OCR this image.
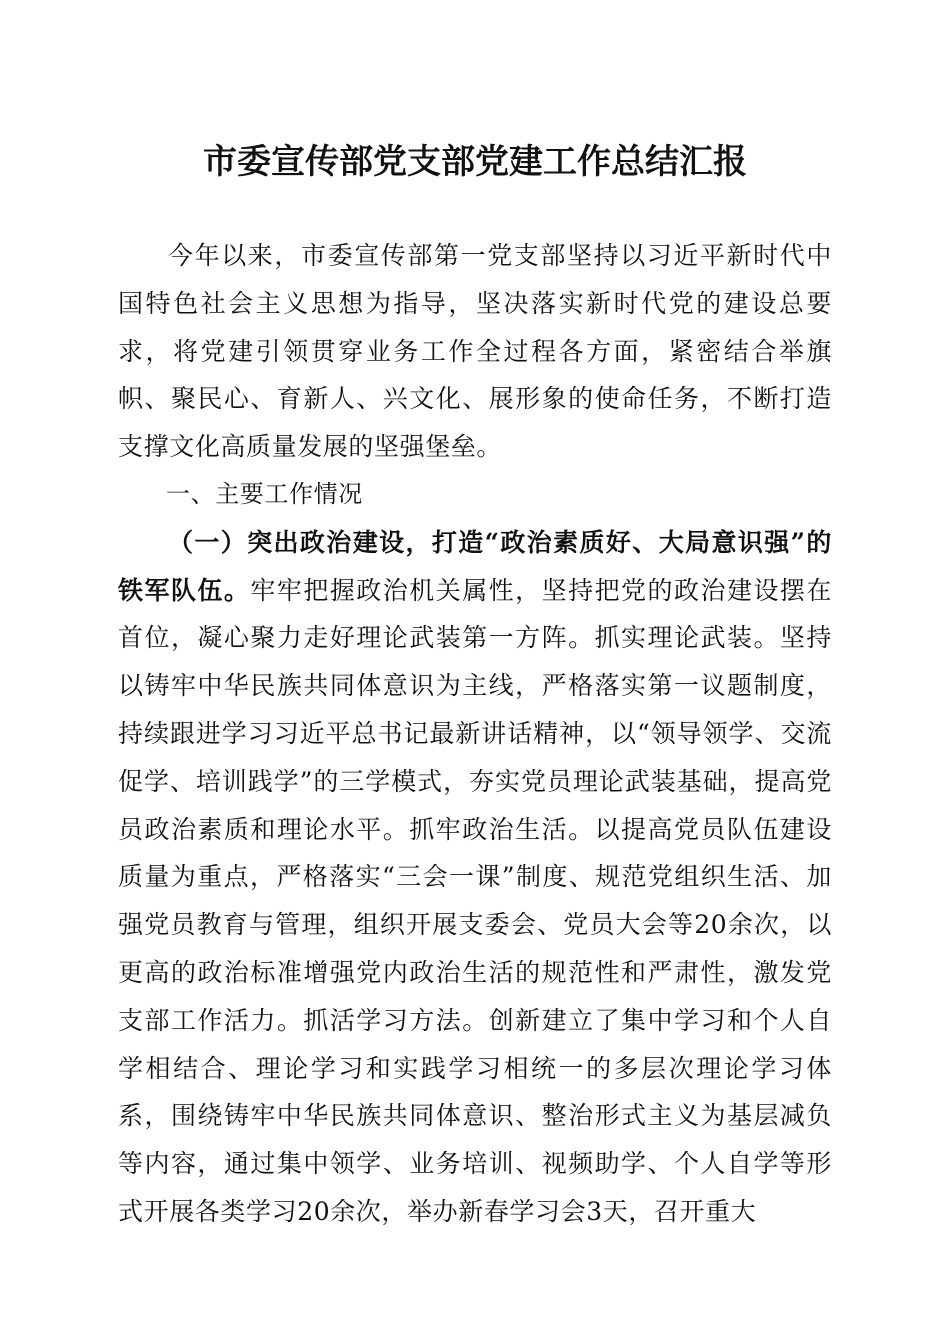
市委宣传部党支部党建工作总结汇报

今年以来，市委宣传部第一党支部坚持以习近平新时代中国特色社会主义思想为指导，坚决落实新时代党的建设总要求，将党建引领贯穿业务工作全过程各方面，紧密结合举旗帜、聚民心、育新人、兴文化、展形象的使命任务，不断打造支撑文化高质量发展的坚强堡垒。

一、主要工作情况

（一）突出政治建设，打造“政治素质好、大局意识强”的铁军队伍。牢牢把握政治机关属性，坚持把党的政治建设摆在首位，凝心聚力走好理论武装第一方阵。抓实理论武装。坚持以铸牢中华民族共同体意识为主线，严格落实第一议题制度，持续跟进学习习近平总书记最新讲话精神，以“领导领学、交流促学、培训践学”的三学模式，夯实党员理论武装基础，提高党员政治素质和理论水平。抓牢政治生活。以提高党员队伍建设质量为重点，严格落实“三会一课”制度、规范党组织生活、加强党员教育与管理，组织开展支委会、党员大会等20余次，以更高的政治标准增强党内政治生活的规范性和严肃性，激发党支部工作活力。抓活学习方法。创新建立了集中学习和个人自学相结合、理论学习和实践学习相统一的多层次理论学习体系，围绕铸牢中华民族共同体意识、整治形式主义为基层减负等内容，通过集中领学、业务培训、视频助学、个人自学等形式开展各类学习20余次，举办新春学习会3天，召开重大
